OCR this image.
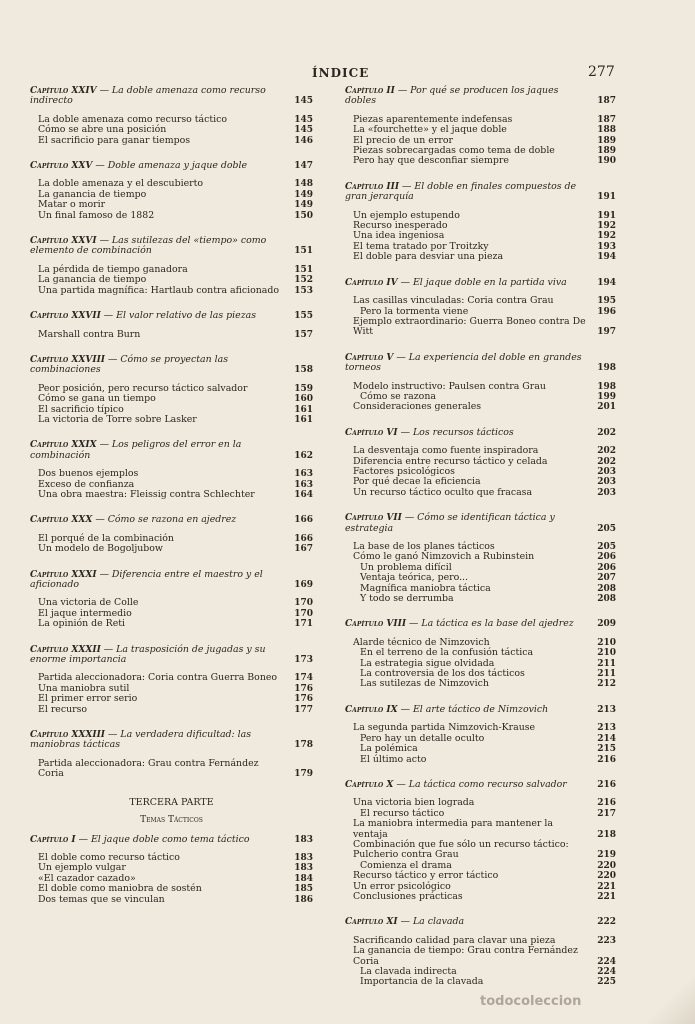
ÍNDICE	277
Capítulo XXIV — La doble amenaza como recurso indirecto	145
La doble amenaza como recurso táctico	145
Cómo se abre una posición	145
El sacrificio para ganar tiempos	146
Capítulo XXV — Doble amenaza y jaque doble	147
La doble amenaza y el descubierto	148
La ganancia de tiempo	149
Matar o morir	149
Un final famoso de 1882	150
Capítulo XXVI — Las sutilezas del «tiempo» como elemento de combinación	151
La pérdida de tiempo ganadora	151
La ganancia de tiempo	152
Una partida magnífica: Hartlaub contra aficionado	153
Capítulo XXVII — El valor relativo de las piezas	155
Marshall contra Burn	157
Capítulo XXVIII — Cómo se proyectan las combinaciones	158
Peor posición, pero recurso táctico salvador	159
Cómo se gana un tiempo	160
El sacrificio típico	161
La victoria de Torre sobre Lasker	161
Capítulo XXIX — Los peligros del error en la combinación	162
Dos buenos ejemplos	163
Exceso de confianza	163
Una obra maestra: Fleissig contra Schlechter	164
Capítulo XXX — Cómo se razona en ajedrez	166
El porqué de la combinación	166
Un modelo de Bogoljubow	167
Capítulo XXXI — Diferencia entre el maestro y el aficionado	169
Una victoria de Colle	170
El jaque intermedio	170
La opinión de Reti	171
Capítulo XXXII — La trasposición de jugadas y su enorme importancia	173
Partida aleccionadora: Coria contra Guerra Boneo	174
Una maniobra sutil	176
El primer error serio	176
El recurso	177
Capítulo XXXIII — La verdadera dificultad: las maniobras tácticas	178
Partida aleccionadora: Grau contra Fernández Coria	179
TERCERA PARTE
Temas Tácticos
Capítulo I — El jaque doble como tema táctico	183
El doble como recurso táctico	183
Un ejemplo vulgar	183
«El cazador cazado»	184
El doble como maniobra de sostén	185
Dos temas que se vinculan	186
Capítulo II — Por qué se producen los jaques dobles	187
Piezas aparentemente indefensas	187
La «fourchette» y el jaque doble	188
El precio de un error	189
Piezas sobrecargadas como tema de doble	189
Pero hay que desconfiar siempre	190
Capítulo III — El doble en finales compuestos de gran jerarquía	191
Un ejemplo estupendo	191
Recurso inesperado	192
Una idea ingeniosa	192
El tema tratado por Troitzky	193
El doble para desviar una pieza	194
Capítulo IV — El jaque doble en la partida viva	194
Las casillas vinculadas: Coria contra Grau	195
Pero la tormenta viene	196
Ejemplo extraordinario: Guerra Boneo contra De Witt	197
Capítulo V — La experiencia del doble en grandes torneos	198
Modelo instructivo: Paulsen contra Grau	198
Cómo se razona	199
Consideraciones generales	201
Capítulo VI — Los recursos tácticos	202
La desventaja como fuente inspiradora	202
Diferencia entre recurso táctico y celada	202
Factores psicológicos	203
Por qué decae la eficiencia	203
Un recurso táctico oculto que fracasa	203
Capítulo VII — Cómo se identifican táctica y estrategia	205
La base de los planes tácticos	205
Cómo le ganó Nimzovich a Rubinstein	206
Un problema difícil	206
Ventaja teórica, pero...	207
Magnífica maniobra táctica	208
Y todo se derrumba	208
Capítulo VIII — La táctica es la base del ajedrez	209
Alarde técnico de Nimzovich	210
En el terreno de la confusión táctica	210
La estrategia sigue olvidada	211
La controversia de los dos tácticos	211
Las sutilezas de Nimzovich	212
Capítulo IX — El arte táctico de Nimzovich	213
La segunda partida Nimzovich-Krause	213
Pero hay un detalle oculto	214
La polémica	215
El último acto	216
Capítulo X — La táctica como recurso salvador	216
Una victoria bien lograda	216
El recurso táctico	217
La maniobra intermedia para mantener la ventaja	218
Combinación que fue sólo un recurso táctico: Pulcherio contra Grau	219
Comienza el drama	220
Recurso táctico y error táctico	220
Un error psicológico	221
Conclusiones prácticas	221
Capítulo XI — La clavada	222
Sacrificando calidad para clavar una pieza	223
La ganancia de tiempo: Grau contra Fernández Coria	224
La clavada indirecta	224
Importancia de la clavada	225
todocoleccion
